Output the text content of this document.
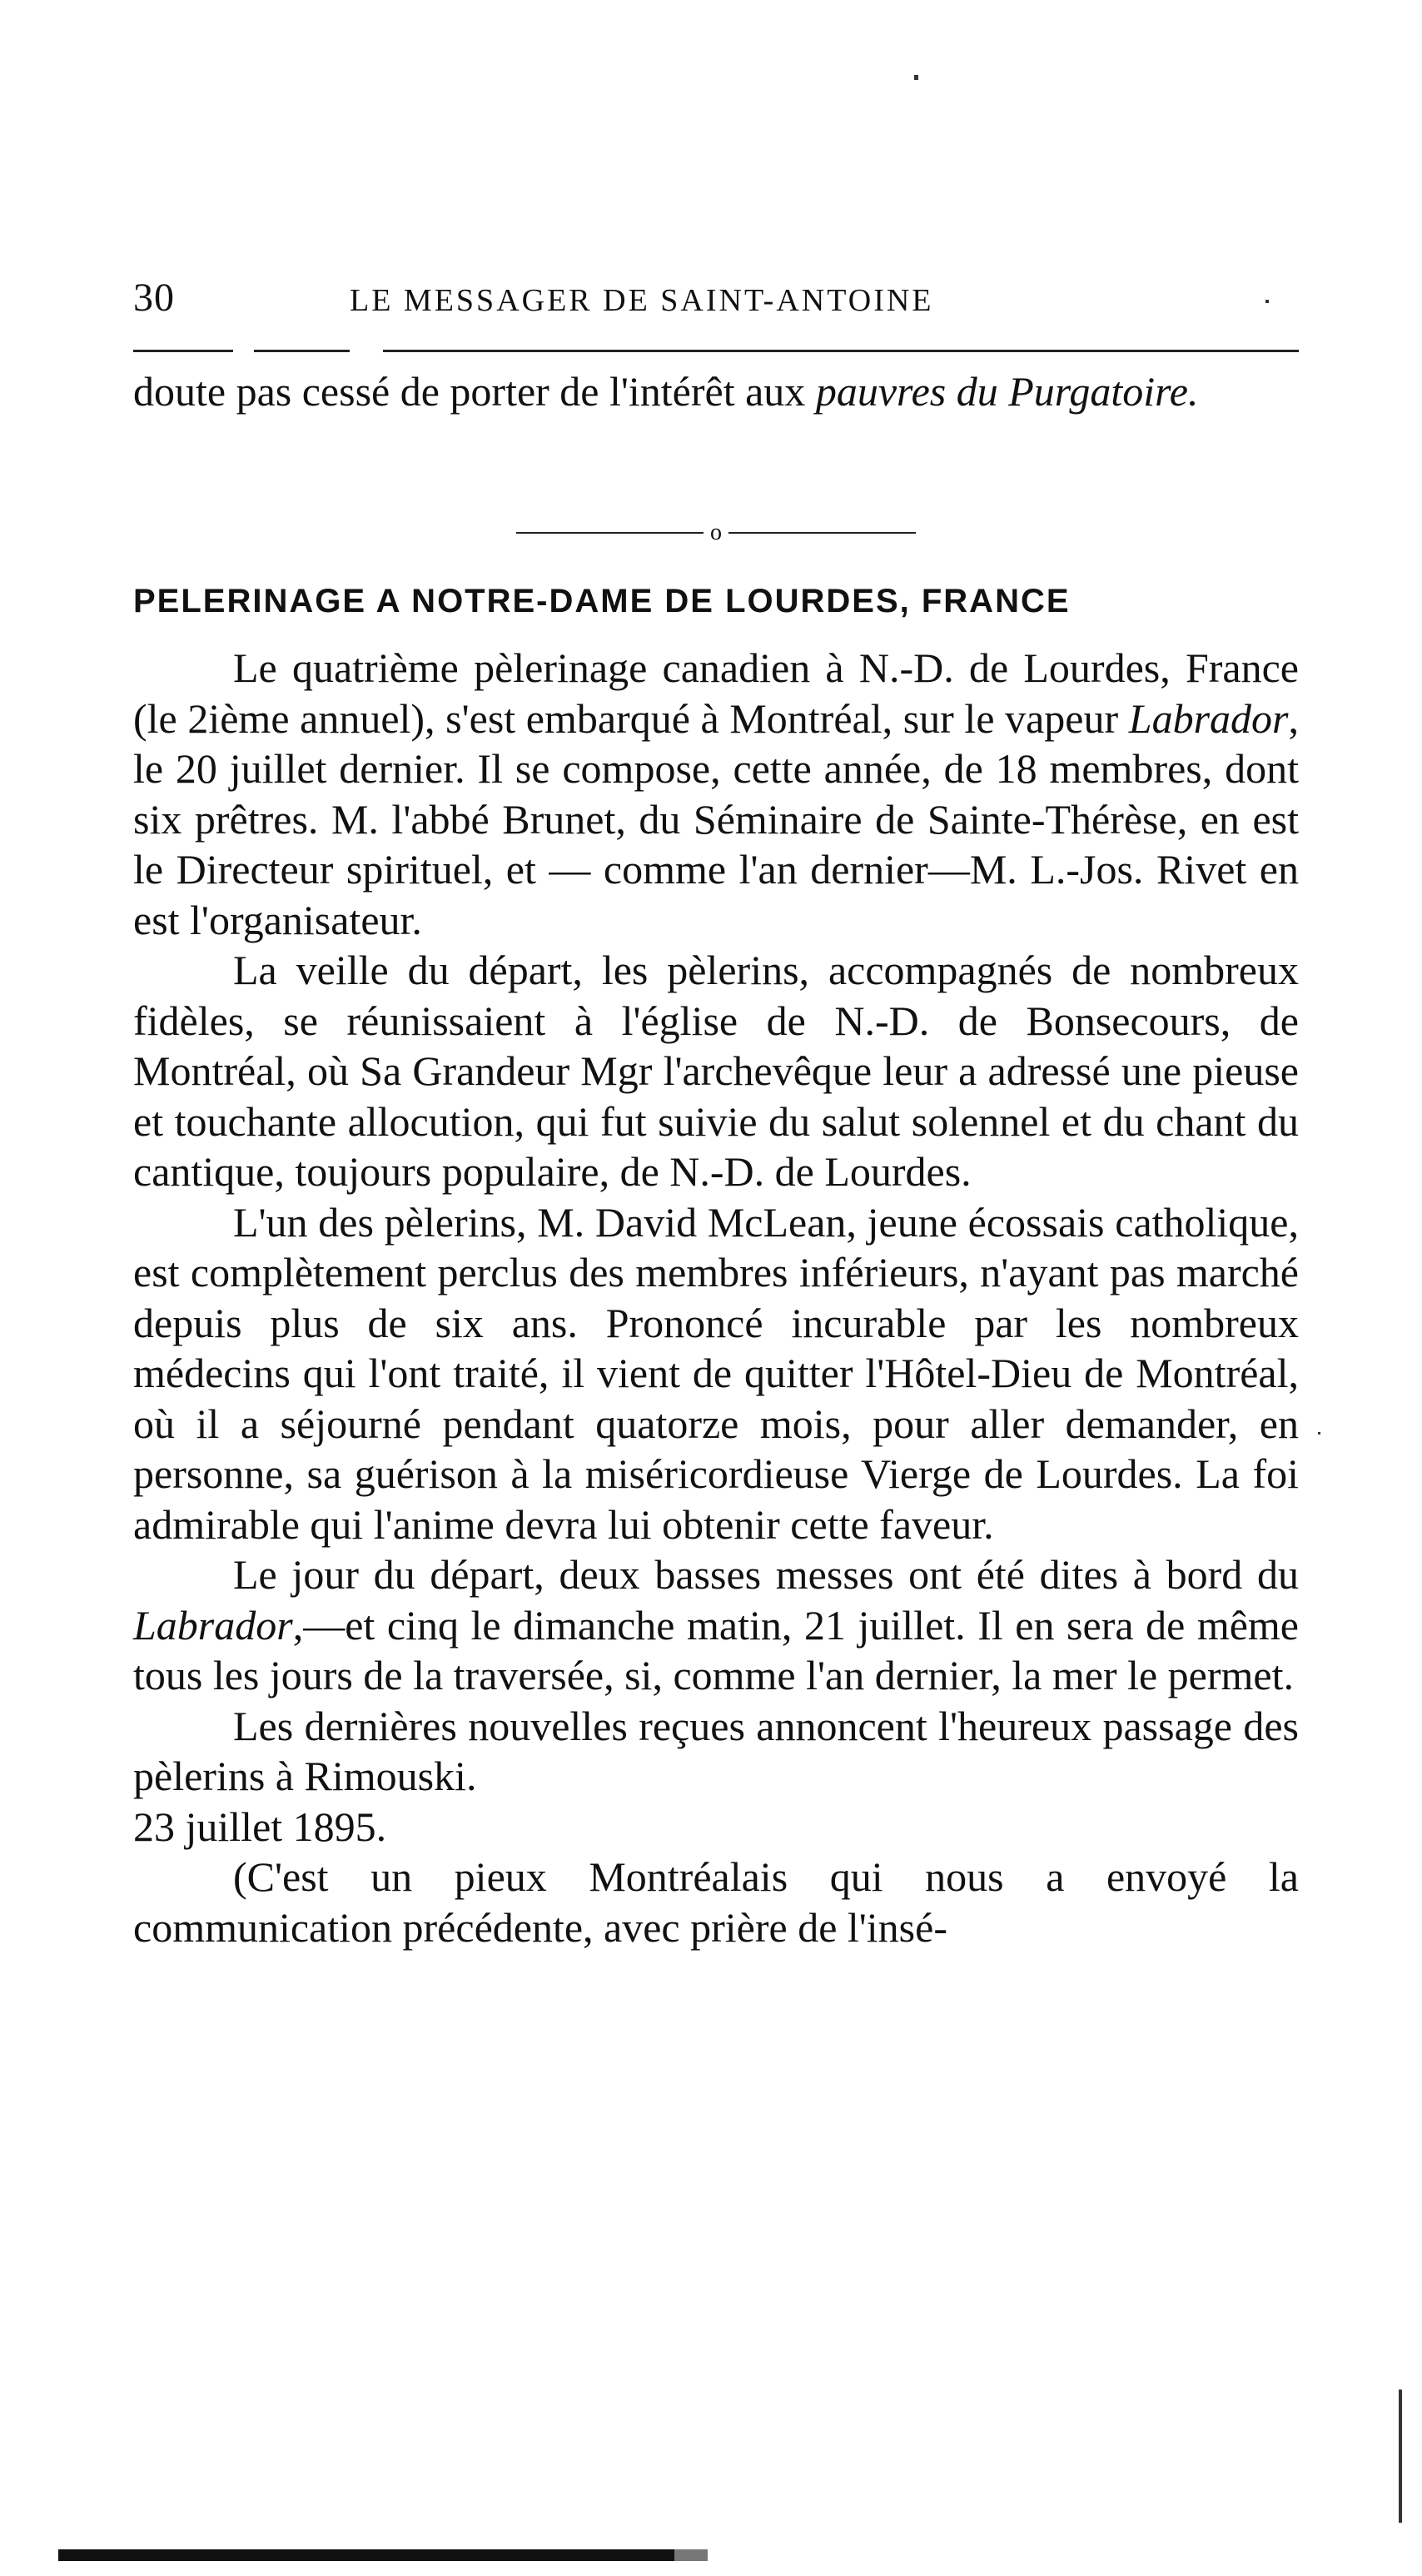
30	LE MESSAGER DE SAINT-ANTOINE

doute pas cessé de porter de l'intérêt aux pauvres du Purgatoire.

o
PELERINAGE A NOTRE-DAME DE LOURDES, FRANCE

Le quatrième pèlerinage canadien à N.-D. de Lourdes, France (le 2ième annuel), s'est embarqué à Montréal, sur le vapeur Labrador, le 20 juillet dernier. Il se compose, cette année, de 18 membres, dont six prêtres. M. l'abbé Brunet, du Séminaire de Sainte-Thérèse, en est le Directeur spirituel, et — comme l'an dernier—M. L.-Jos. Rivet en est l'organisateur.

La veille du départ, les pèlerins, accompagnés de nombreux fidèles, se réunissaient à l'église de N.-D. de Bonsecours, de Montréal, où Sa Grandeur Mgr l'archevêque leur a adressé une pieuse et touchante allocution, qui fut suivie du salut solennel et du chant du cantique, toujours populaire, de N.-D. de Lourdes.

L'un des pèlerins, M. David McLean, jeune écossais catholique, est complètement perclus des membres inférieurs, n'ayant pas marché depuis plus de six ans. Prononcé incurable par les nombreux médecins qui l'ont traité, il vient de quitter l'Hôtel-Dieu de Montréal, où il a séjourné pendant quatorze mois, pour aller demander, en personne, sa guérison à la miséricordieuse Vierge de Lourdes. La foi admirable qui l'anime devra lui obtenir cette faveur.

Le jour du départ, deux basses messes ont été dites à bord du Labrador,—et cinq le dimanche matin, 21 juillet. Il en sera de même tous les jours de la traversée, si, comme l'an dernier, la mer le permet.

Les dernières nouvelles reçues annoncent l'heureux passage des pèlerins à Rimouski.

23 juillet 1895.

(C'est un pieux Montréalais qui nous a envoyé la communication précédente, avec prière de l'insé-
